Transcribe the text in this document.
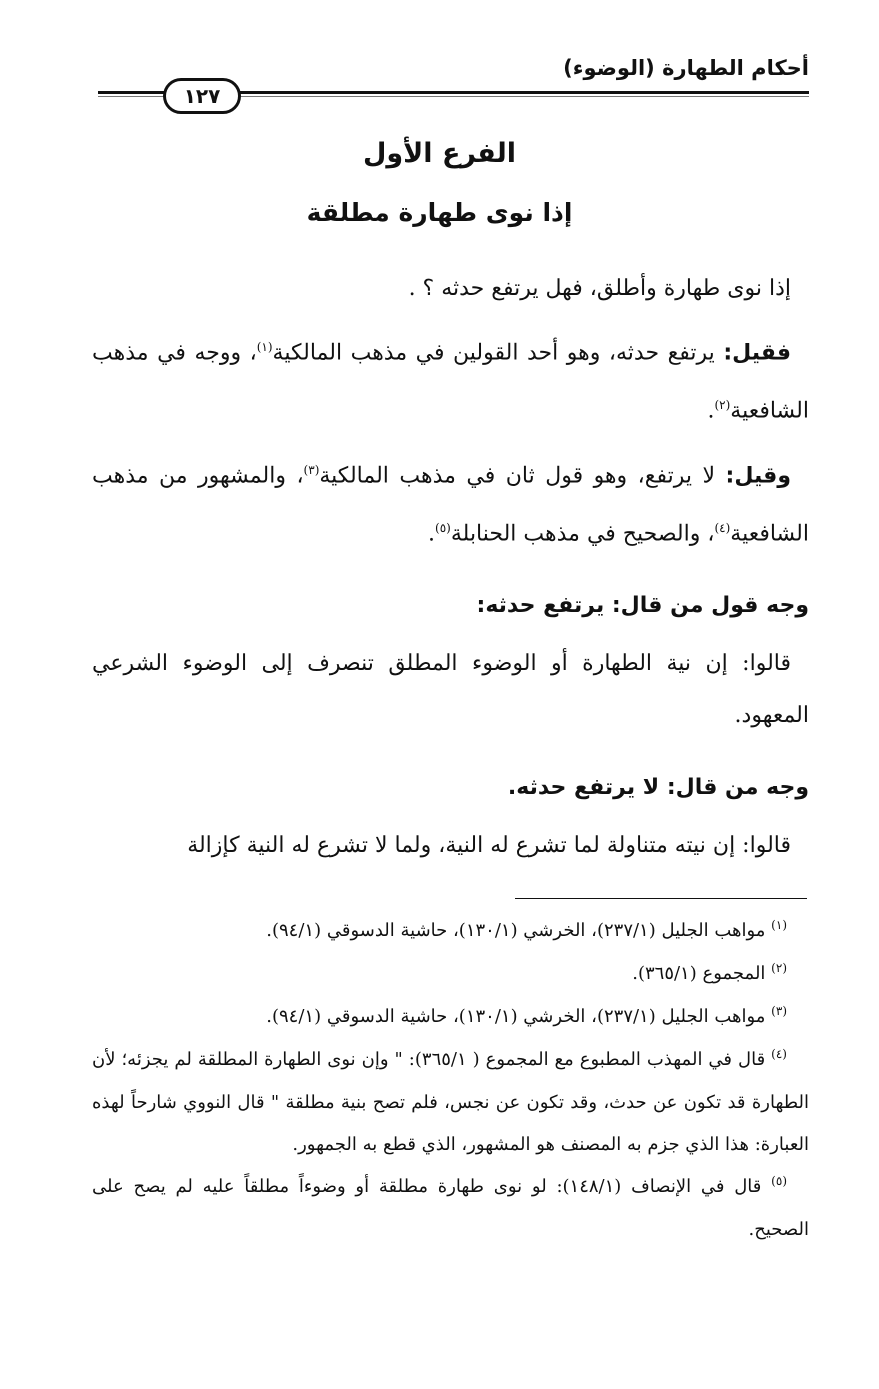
أحكام الطهارة (الوضوء)
١٢٧
الفرع الأول
إذا نوى طهارة مطلقة

إذا نوى طهارة وأطلق، فهل يرتفع حدثه ؟ .

فقيل: يرتفع حدثه، وهو أحد القولين في مذهب المالكية$^{(١)}$، ووجه في مذهب الشافعية$^{(٢)}$.

وقيل: لا يرتفع، وهو قول ثان في مذهب المالكية$^{(٣)}$، والمشهور من مذهب الشافعية$^{(٤)}$، والصحيح في مذهب الحنابلة$^{(٥)}$.

وجه قول من قال: يرتفع حدثه:

قالوا: إن نية الطهارة أو الوضوء المطلق تنصرف إلى الوضوء الشرعي المعهود.

وجه من قال: لا يرتفع حدثه.

قالوا: إن نيته متناولة لما تشرع له النية، ولما لا تشرع له النية كإزالة

$^{(١)}$ مواهب الجليل (٢٣٧/١)، الخرشي (١٣٠/١)، حاشية الدسوقي (٩٤/١).

$^{(٢)}$ المجموع (٣٦٥/١).

$^{(٣)}$ مواهب الجليل (٢٣٧/١)، الخرشي (١٣٠/١)، حاشية الدسوقي (٩٤/١).

$^{(٤)}$ قال في المهذب المطبوع مع المجموع ( ٣٦٥/١): " وإن نوى الطهارة المطلقة لم يجزئه؛ لأن الطهارة قد تكون عن حدث، وقد تكون عن نجس، فلم تصح بنية مطلقة " قال النووي شارحاً لهذه العبارة: هذا الذي جزم به المصنف هو المشهور، الذي قطع به الجمهور.

$^{(٥)}$ قال في الإنصاف (١٤٨/١): لو نوى طهارة مطلقة أو وضوءاً مطلقاً عليه لم يصح على الصحيح.
